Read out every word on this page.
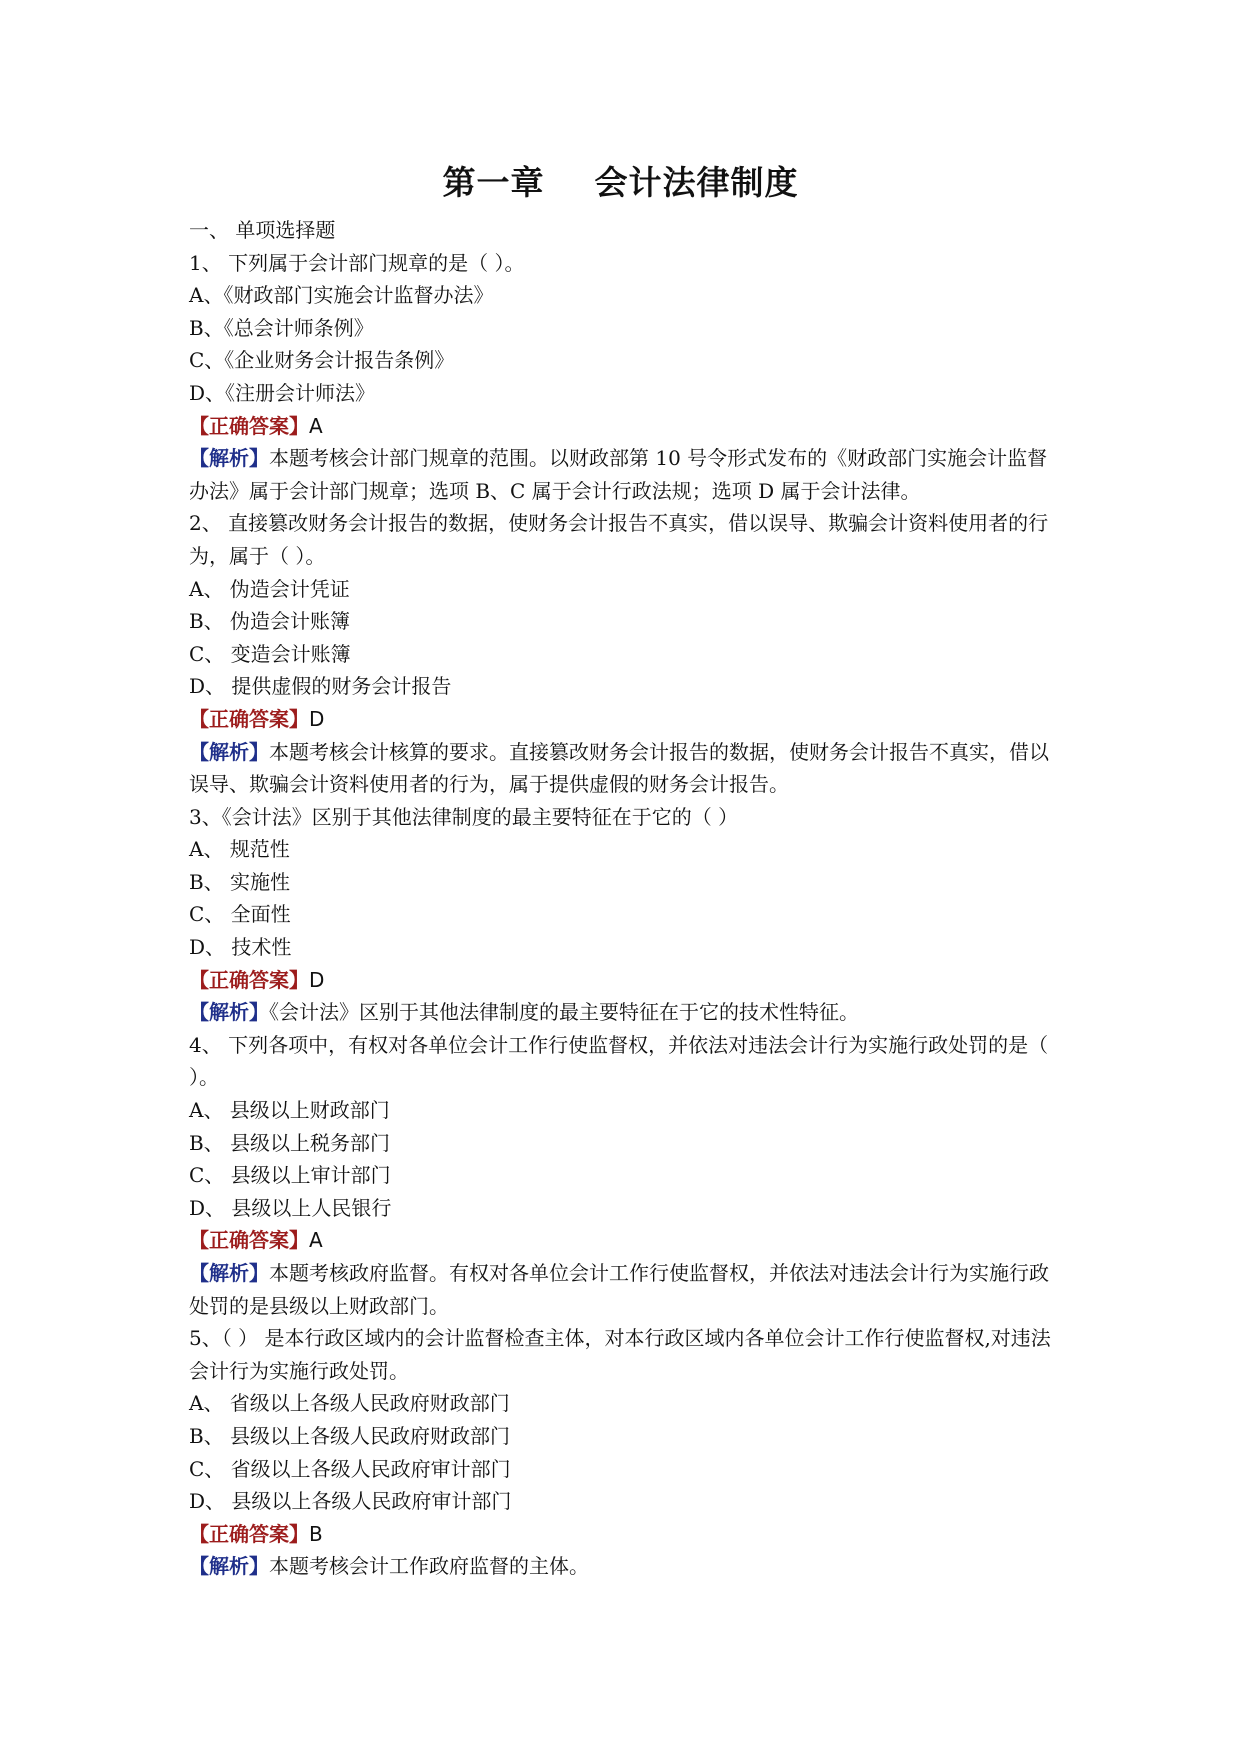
第一章    会计法律制度

一、 单项选择题

1、 下列属于会计部门规章的是（ ）。

A、《财政部门实施会计监督办法》

B、《总会计师条例》

C、《企业财务会计报告条例》

D、《注册会计师法》

【正确答案】A

【解析】本题考核会计部门规章的范围。以财政部第 10 号令形式发布的《财政部门实施会计监督办法》属于会计部门规章；选项 B、C 属于会计行政法规；选项 D 属于会计法律。

2、 直接篡改财务会计报告的数据，使财务会计报告不真实，借以误导、欺骗会计资料使用者的行为，属于（ ）。

A、 伪造会计凭证

B、 伪造会计账簿

C、 变造会计账簿

D、 提供虚假的财务会计报告

【正确答案】D

【解析】本题考核会计核算的要求。直接篡改财务会计报告的数据，使财务会计报告不真实，借以误导、欺骗会计资料使用者的行为，属于提供虚假的财务会计报告。

3、《会计法》区别于其他法律制度的最主要特征在于它的（ ）

A、 规范性

B、 实施性

C、 全面性

D、 技术性

【正确答案】D

【解析】《会计法》区别于其他法律制度的最主要特征在于它的技术性特征。

4、 下列各项中，有权对各单位会计工作行使监督权，并依法对违法会计行为实施行政处罚的是（ ）。

A、 县级以上财政部门

B、 县级以上税务部门

C、 县级以上审计部门

D、 县级以上人民银行

【正确答案】A

【解析】本题考核政府监督。有权对各单位会计工作行使监督权，并依法对违法会计行为实施行政处罚的是县级以上财政部门。

5、（ ） 是本行政区域内的会计监督检查主体，对本行政区域内各单位会计工作行使监督权,对违法会计行为实施行政处罚。

A、 省级以上各级人民政府财政部门

B、 县级以上各级人民政府财政部门

C、 省级以上各级人民政府审计部门

D、 县级以上各级人民政府审计部门

【正确答案】B

【解析】本题考核会计工作政府监督的主体。
